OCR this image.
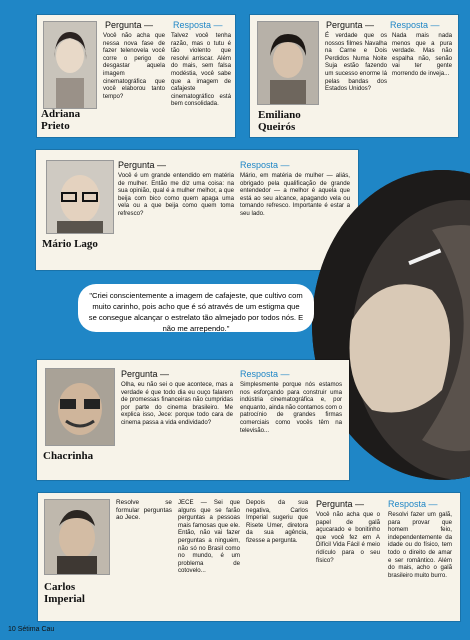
Adriana Prieto
Pergunta — Resposta —
Você não acha que nessa nova fase de fazer telenovela você corre o perigo de desgastar aquela imagem cinematográfica que você elaborou tanto tempo?
Talvez você tenha razão, mas o tutu é tão violento que resolvi arriscar. Além do mais, sem falsa modéstia, você sabe que a imagem de cafajeste cinematográfico está bem consolidada.
Emiliano Queirós
Pergunta — Resposta —
É verdade que os nossos filmes Navalha na Carne e Dois Perdidos Numa Noite Suja estão fazendo um sucesso enorme lá pelas bandas dos Estados Unidos?
Nada mais nada menos que a pura verdade. Mas não espalha não, senão vai ter gente morrendo de inveja...
Mário Lago
Pergunta —	Resposta —
Você é um grande entendido em matéria de mulher. Então me diz uma coisa: na sua opinião, qual é a mulher melhor, a que beija com bico como quem apaga uma vela ou a que beija como quem toma refresco?
Mário, em matéria de mulher — aliás, obrigado pela qualificação de grande entendedor — a melhor é aquela que está ao seu alcance, apagando vela ou tomando refresco. Importante é estar a seu lado.
"Criei conscientemente a imagem de cafajeste, que cultivo com muito carinho, pois acho que é só através de um estigma que se consegue alcançar o estrelato tão almejado por todos nós. E não me arrependo."
Chacrinha
Pergunta —	Resposta —
Olha, eu não sei o que acontece, mas a verdade é que todo dia eu ouço falarem de promessas financeiras não cumpridas por parte do cinema brasileiro. Me explica isso, Jece: porque todo cara de cinema passa a vida endividado?
Simplesmente porque nós estamos nos esforçando para construir uma indústria cinematográfica e, por enquanto, ainda não contamos com o patrocínio de grandes firmas comerciais como vocês têm na televisão...
Carlos Imperial
Resolve se formular perguntas ao Jece.
JECE — Sei que alguns que se farão perguntas a pessoas mais famosas que ele. Então, não vai fazer perguntas a ninguém, não só no Brasil como no mundo, é um problema de cotovelo...
Depois da sua negativa, Carlos Imperial sugeriu que Risete Umer, diretora da sua agência, fizesse a pergunta.
Pergunta —	Resposta —
Você não acha que o papel de galã açucarado e bonitinho que você fez em A Difícil Vida Fácil é meio ridículo para o seu físico?
Resolvi fazer um galã, para provar que homem feio, independentemente da idade ou do físico, tem todo o direito de amar e ser romântico. Além do mais, acho o galã brasileiro muito burro.
10 Sétima Cau
